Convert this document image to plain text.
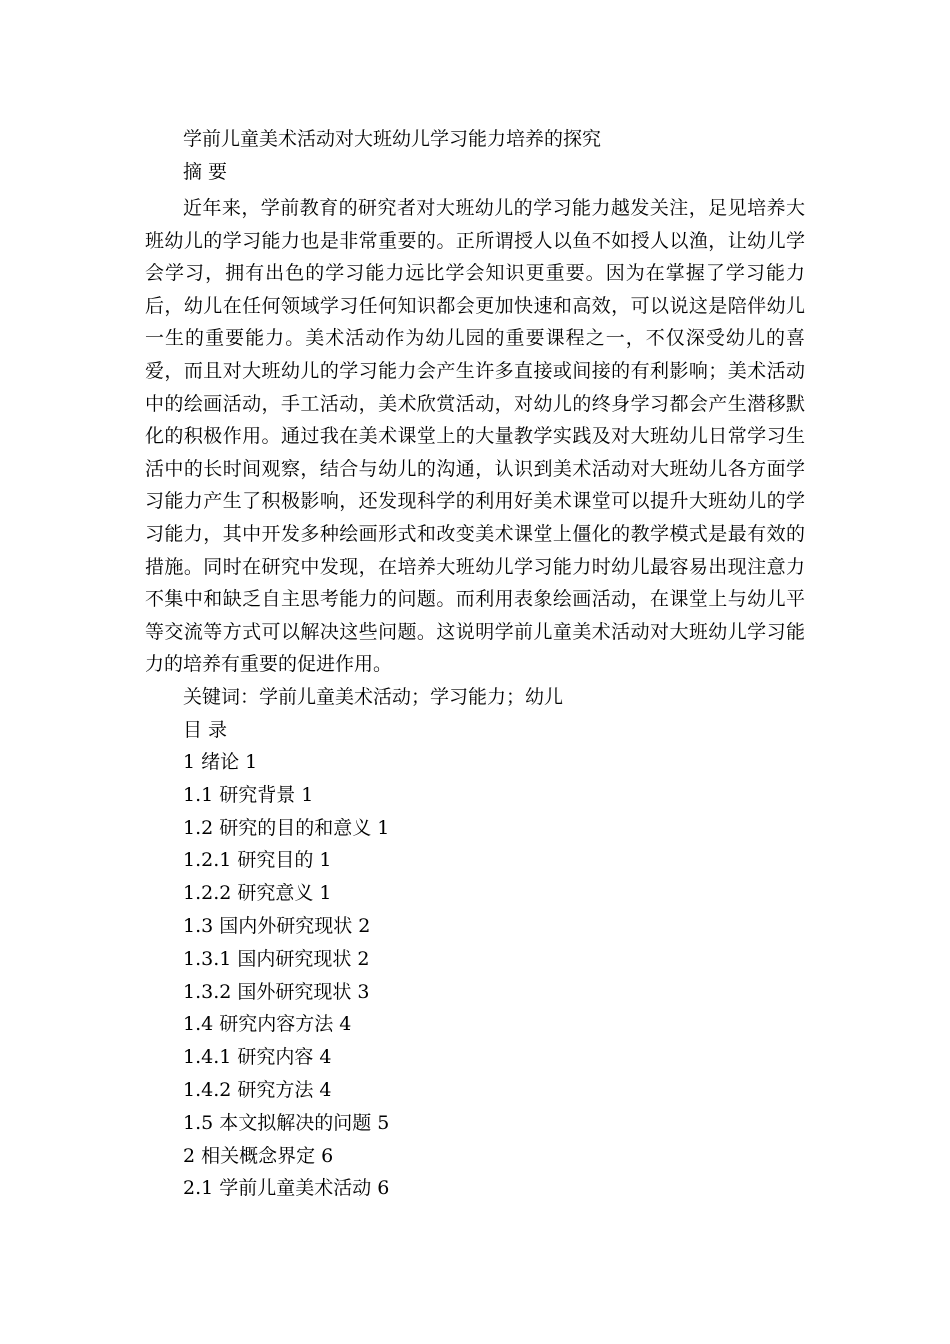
学前儿童美术活动对大班幼儿学习能力培养的探究
摘 要

近年来，学前教育的研究者对大班幼儿的学习能力越发关注，足见培养大班幼儿的学习能力也是非常重要的。正所谓授人以鱼不如授人以渔，让幼儿学会学习，拥有出色的学习能力远比学会知识更重要。因为在掌握了学习能力后，幼儿在任何领域学习任何知识都会更加快速和高效，可以说这是陪伴幼儿一生的重要能力。美术活动作为幼儿园的重要课程之一，不仅深受幼儿的喜爱，而且对大班幼儿的学习能力会产生许多直接或间接的有利影响；美术活动中的绘画活动，手工活动，美术欣赏活动，对幼儿的终身学习都会产生潜移默化的积极作用。通过我在美术课堂上的大量教学实践及对大班幼儿日常学习生活中的长时间观察，结合与幼儿的沟通，认识到美术活动对大班幼儿各方面学习能力产生了积极影响，还发现科学的利用好美术课堂可以提升大班幼儿的学习能力，其中开发多种绘画形式和改变美术课堂上僵化的教学模式是最有效的措施。同时在研究中发现，在培养大班幼儿学习能力时幼儿最容易出现注意力不集中和缺乏自主思考能力的问题。而利用表象绘画活动，在课堂上与幼儿平等交流等方式可以解决这些问题。这说明学前儿童美术活动对大班幼儿学习能力的培养有重要的促进作用。

关键词：学前儿童美术活动；学习能力；幼儿
目 录
1 绪论 1
1.1 研究背景 1
1.2 研究的目的和意义 1
1.2.1 研究目的 1
1.2.2 研究意义 1
1.3 国内外研究现状 2
1.3.1 国内研究现状 2
1.3.2 国外研究现状 3
1.4 研究内容方法 4
1.4.1 研究内容 4
1.4.2 研究方法 4
1.5 本文拟解决的问题 5
2 相关概念界定 6
2.1 学前儿童美术活动 6
